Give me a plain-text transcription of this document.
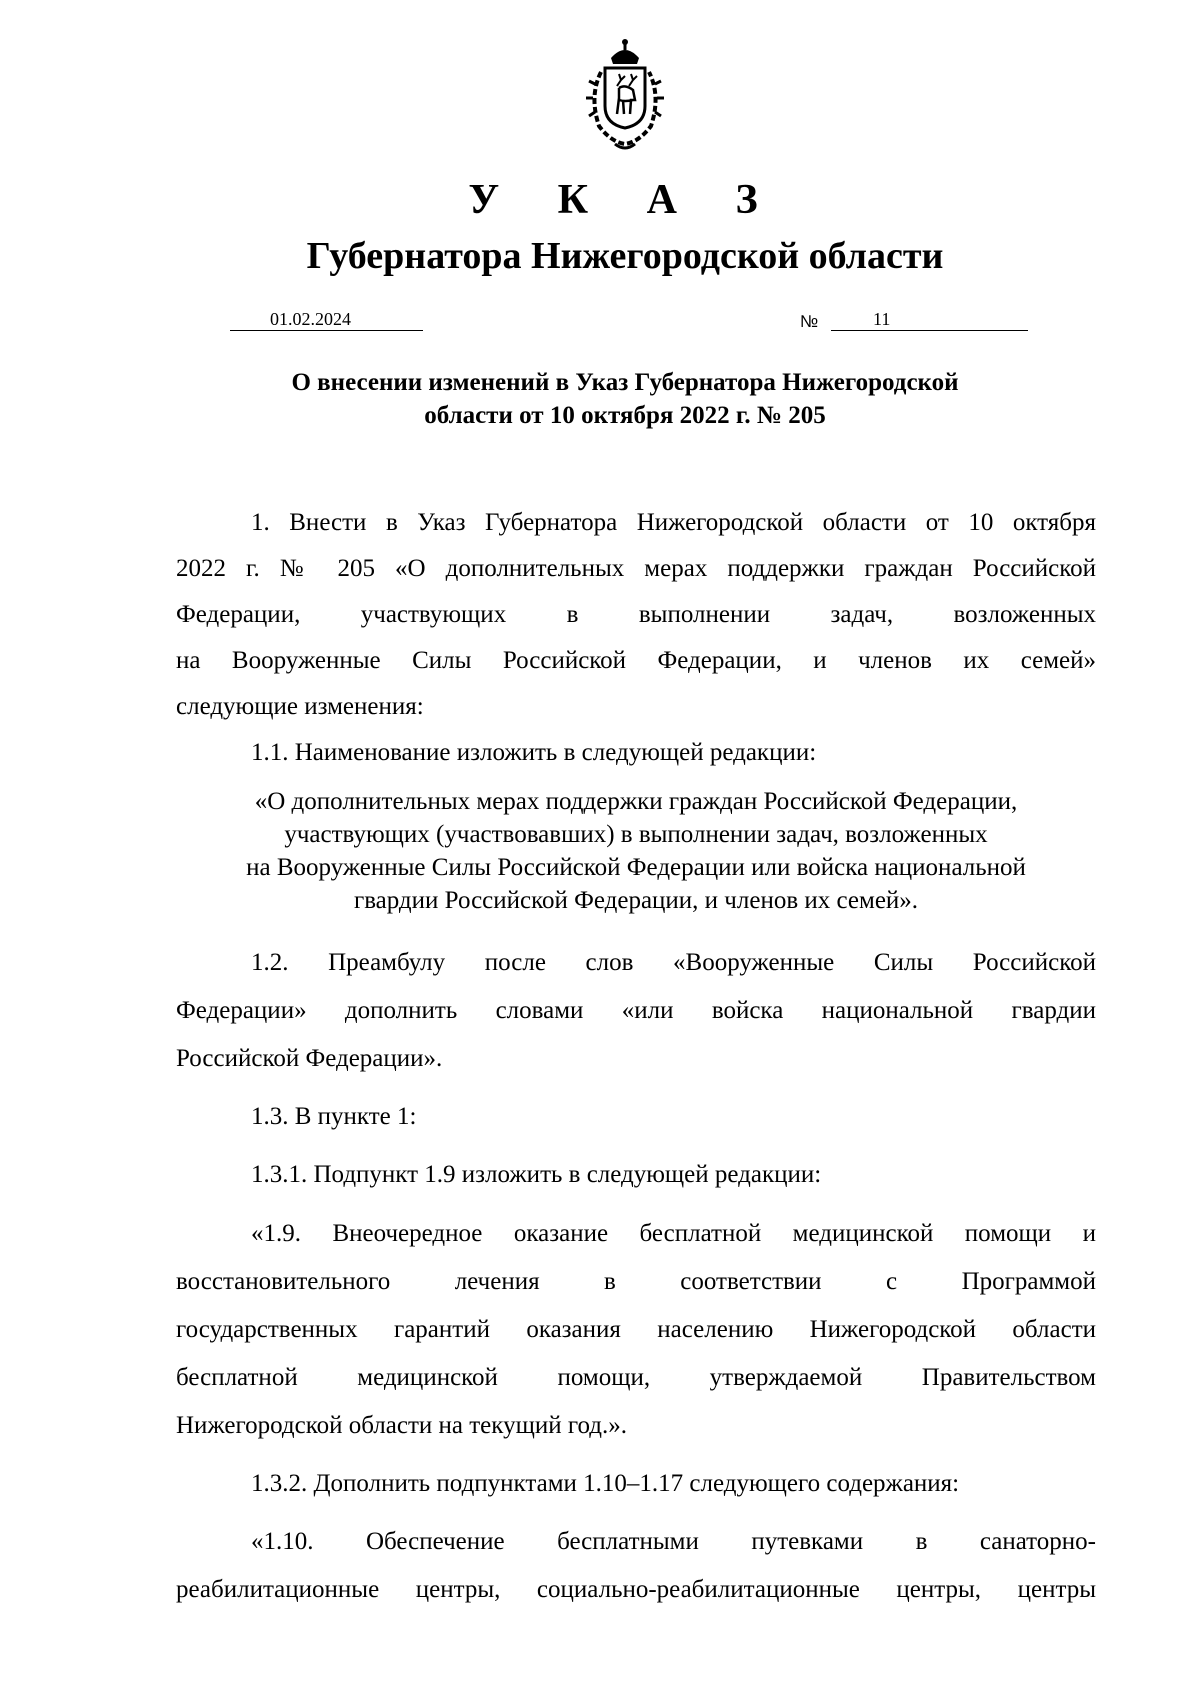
У К А З
Губернатора Нижегородской области
01.02.2024	№	11
О внесении изменений в Указ Губернатора Нижегородской
области от 10 октября 2022 г. № 205
1. Внести в Указ Губернатора Нижегородской области от 10 октября
2022 г. № 205 «О дополнительных мерах поддержки граждан Российской
Федерации, участвующих в выполнении задач, возложенных
на Вооруженные Силы Российской Федерации, и членов их семей»
следующие изменения:
1.1. Наименование изложить в следующей редакции:
«О дополнительных мерах поддержки граждан Российской Федерации,
участвующих (участвовавших) в выполнении задач, возложенных
на Вооруженные Силы Российской Федерации или войска национальной
гвардии Российской Федерации, и членов их семей».
1.2. Преамбулу после слов «Вооруженные Силы Российской
Федерации» дополнить словами «или войска национальной гвардии
Российской Федерации».
1.3. В пункте 1:
1.3.1. Подпункт 1.9 изложить в следующей редакции:
«1.9. Внеочередное оказание бесплатной медицинской помощи и
восстановительного лечения в соответствии с Программой
государственных гарантий оказания населению Нижегородской области
бесплатной медицинской помощи, утверждаемой Правительством
Нижегородской области на текущий год.».
1.3.2. Дополнить подпунктами 1.10–1.17 следующего содержания:
«1.10. Обеспечение бесплатными путевками в санаторно-
реабилитационные центры, социально-реабилитационные центры, центры
